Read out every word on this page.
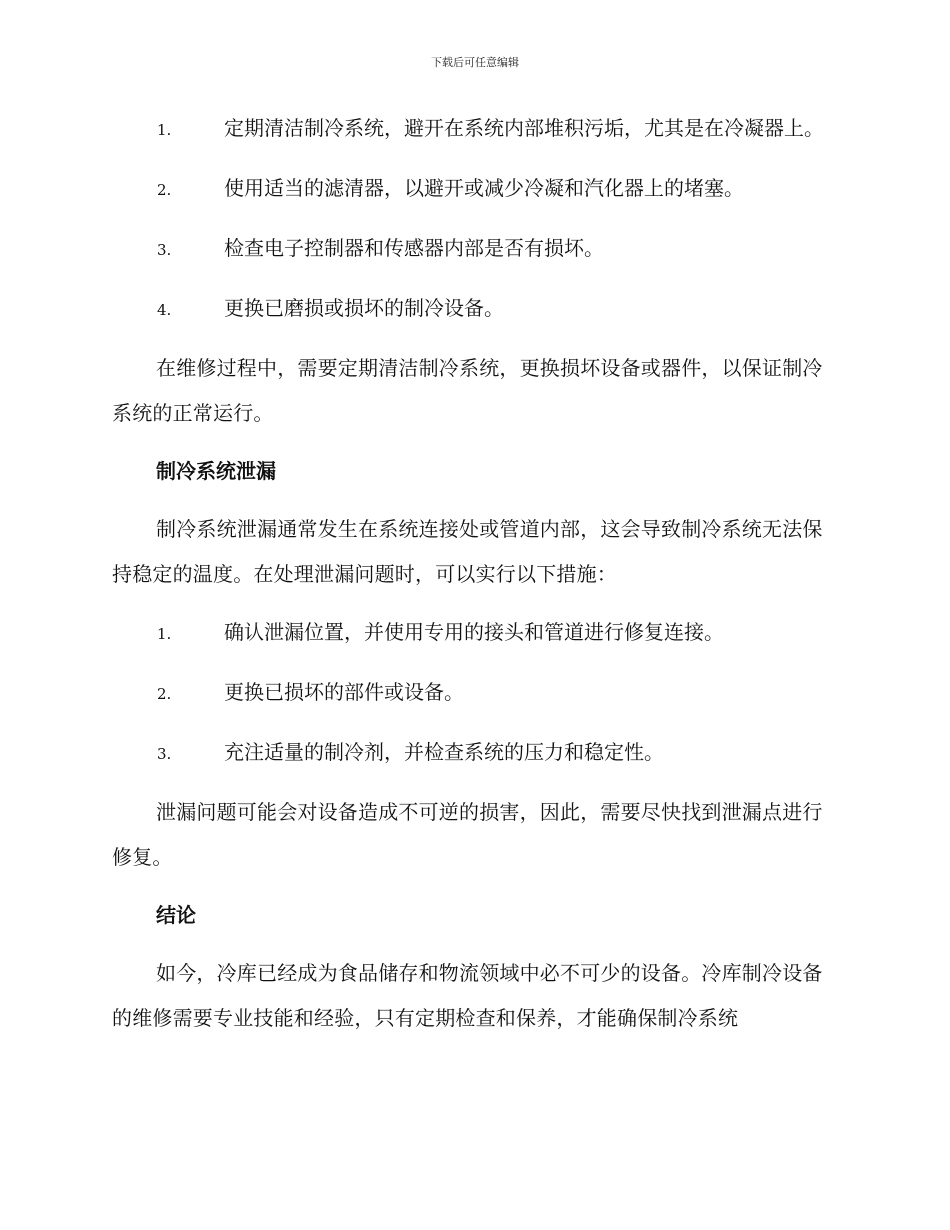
下载后可任意编辑
1.	定期清洁制冷系统，避开在系统内部堆积污垢，尤其是在冷凝器上。
2.	使用适当的滤清器，以避开或减少冷凝和汽化器上的堵塞。
3.	检查电子控制器和传感器内部是否有损坏。
4.	更换已磨损或损坏的制冷设备。
在维修过程中，需要定期清洁制冷系统，更换损坏设备或器件，以保证制冷系统的正常运行。
制冷系统泄漏
制冷系统泄漏通常发生在系统连接处或管道内部，这会导致制冷系统无法保持稳定的温度。在处理泄漏问题时，可以实行以下措施：
1.	确认泄漏位置，并使用专用的接头和管道进行修复连接。
2.	更换已损坏的部件或设备。
3.	充注适量的制冷剂，并检查系统的压力和稳定性。
泄漏问题可能会对设备造成不可逆的损害，因此，需要尽快找到泄漏点进行修复。
结论
如今，冷库已经成为食品储存和物流领域中必不可少的设备。冷库制冷设备的维修需要专业技能和经验，只有定期检查和保养，才能确保制冷系统
